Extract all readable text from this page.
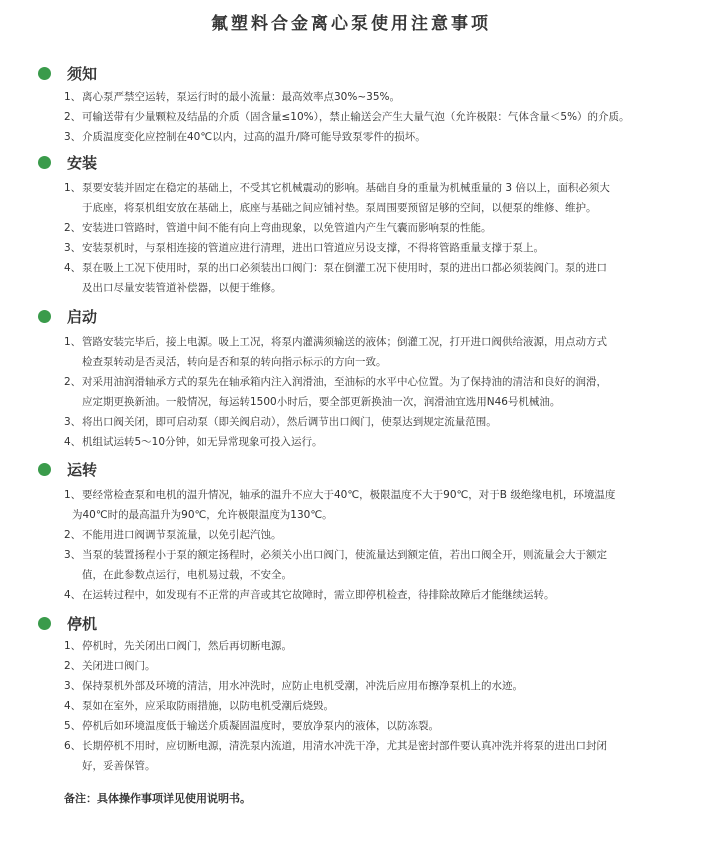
氟塑料合金离心泵使用注意事项
须知
1、 离心泵严禁空运转，泵运行时的最小流量：最高效率点30%~35%。
2、 可输送带有少量颗粒及结晶的介质（固含量≤10%），禁止输送会产生大量气泡（允许极限：气体含量＜5%）的介质。
3、 介质温度变化应控制在40℃以内，过高的温升/降可能导致泵零件的损坏。
安装
1、 泵要安装并固定在稳定的基础上，不受其它机械震动的影响。基础自身的重量为机械重量的 3 倍以上，面积必须大
于底座，将泵机组安放在基础上，底座与基础之间应铺衬垫。泵周围要预留足够的空间，以便泵的维修、维护。
2、 安装进口管路时，管道中间不能有向上弯曲现象，以免管道内产生气囊而影响泵的性能。
3、 安装泵机时，与泵相连接的管道应进行清理，进出口管道应另设支撑，不得将管路重量支撑于泵上。
4、 泵在吸上工况下使用时，泵的出口必须装出口阀门：泵在倒灌工况下使用时，泵的进出口都必须装阀门。泵的进口
及出口尽量安装管道补偿器，以便于维修。
启动
1、 管路安装完毕后，接上电源。吸上工况，将泵内灌满须输送的液体；倒灌工况，打开进口阀供给液源，用点动方式
检查泵转动是否灵活，转向是否和泵的转向指示标示的方向一致。
2、 对采用油润滑轴承方式的泵先在轴承箱内注入润滑油，至油标的水平中心位置。为了保持油的清洁和良好的润滑，
应定期更换新油。一般情况，每运转1500小时后，要全部更新换油一次，润滑油宜选用N46号机械油。
3、 将出口阀关闭，即可启动泵（即关阀启动），然后调节出口阀门，使泵达到规定流量范围。
4、 机组试运转5～10分钟，如无异常现象可投入运行。
运转
1、 要经常检查泵和电机的温升情况，轴承的温升不应大于40℃，极限温度不大于90℃，对于B 级绝缘电机，环境温度
为40℃时的最高温升为90℃，允许极限温度为130℃。
2、 不能用进口阀调节泵流量，以免引起汽蚀。
3、 当泵的装置扬程小于泵的额定扬程时，必须关小出口阀门，使流量达到额定值，若出口阀全开，则流量会大于额定
值，在此参数点运行，电机易过载，不安全。
4、 在运转过程中，如发现有不正常的声音或其它故障时，需立即停机检查，待排除故障后才能继续运转。
停机
1、 停机时，先关闭出口阀门，然后再切断电源。
2、 关闭进口阀门。
3、 保持泵机外部及环境的清洁，用水冲洗时，应防止电机受潮，冲洗后应用布擦净泵机上的水迹。
4、 泵如在室外，应采取防雨措施，以防电机受潮后烧毁。
5、 停机后如环境温度低于输送介质凝固温度时，要放净泵内的液体，以防冻裂。
6、 长期停机不用时，应切断电源，清洗泵内流道，用清水冲洗干净，尤其是密封部件要认真冲洗并将泵的进出口封闭
好，妥善保管。
备注：具体操作事项详见使用说明书。
